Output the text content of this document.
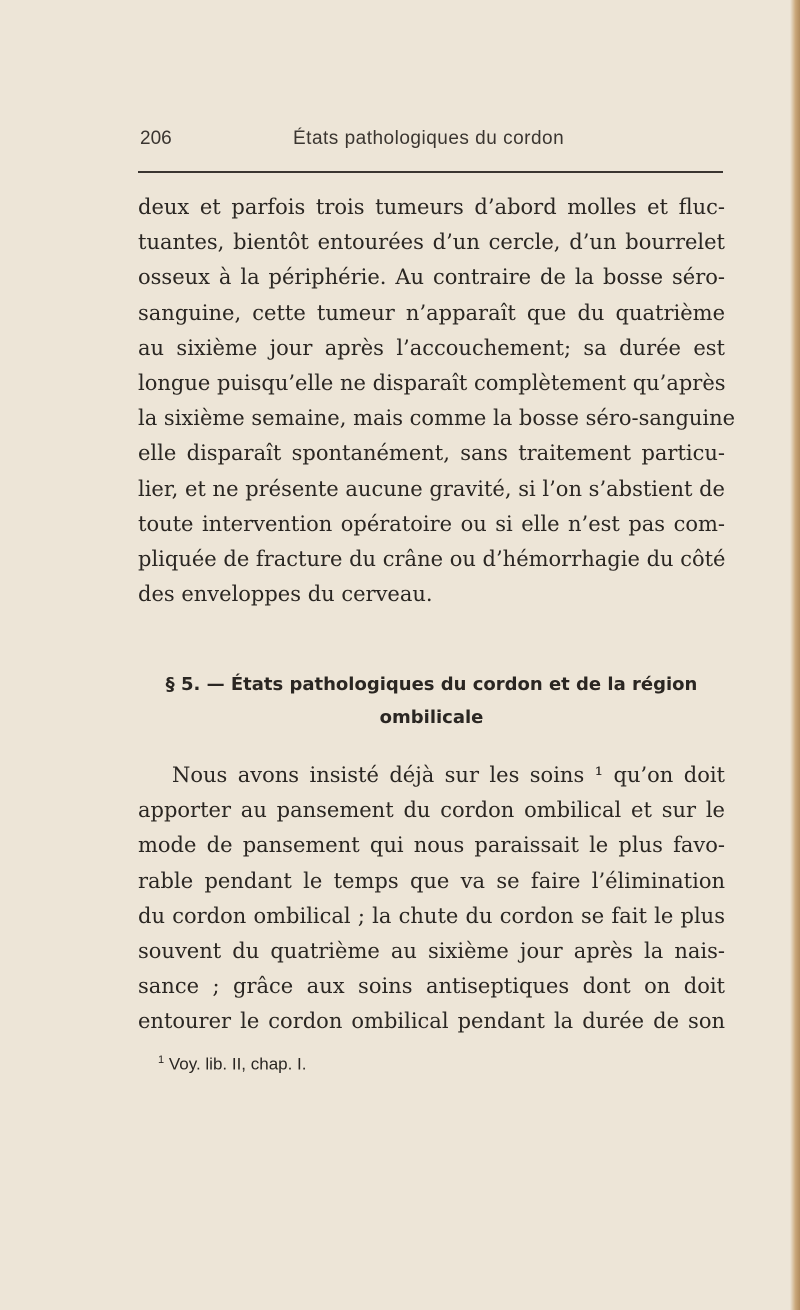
206	États pathologiques du cordon
deux et parfois trois tumeurs d’abord molles et fluc-
tuantes, bientôt entourées d’un cercle, d’un bourrelet
osseux à la périphérie. Au contraire de la bosse séro-
sanguine, cette tumeur n’apparaît que du quatrième
au sixième jour après l’accouchement; sa durée est
longue puisqu’elle ne disparaît complètement qu’après
la sixième semaine, mais comme la bosse séro-sanguine
elle disparaît spontanément, sans traitement particu-
lier, et ne présente aucune gravité, si l’on s’abstient de
toute intervention opératoire ou si elle n’est pas com-
pliquée de fracture du crâne ou d’hémorrhagie du côté
des enveloppes du cerveau.
§ 5. — États pathologiques du cordon et de la région
ombilicale
Nous avons insisté déjà sur les soins ¹ qu’on doit
apporter au pansement du cordon ombilical et sur le
mode de pansement qui nous paraissait le plus favo-
rable pendant le temps que va se faire l’élimination
du cordon ombilical ; la chute du cordon se fait le plus
souvent du quatrième au sixième jour après la nais-
sance ; grâce aux soins antiseptiques dont on doit
entourer le cordon ombilical pendant la durée de son
$^1$ Voy. lib. II, chap. I.
